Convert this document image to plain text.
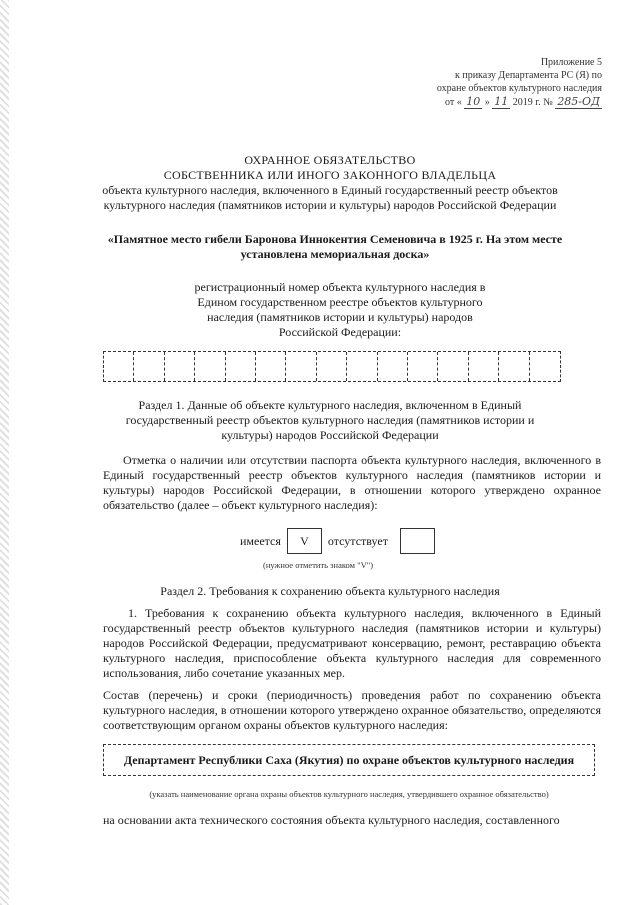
Приложение 5
к приказу Департамента РС (Я) по
охране объектов культурного наследия
от « 10 » 11 2019 г. № 285-ОД
ОХРАННОЕ ОБЯЗАТЕЛЬСТВО
СОБСТВЕННИКА ИЛИ ИНОГО ЗАКОННОГО ВЛАДЕЛЬЦА
объекта культурного наследия, включенного в Единый государственный реестр объектов
культурного наследия (памятников истории и культуры) народов Российской Федерации
«Памятное место гибели Баронова Иннокентия Семеновича в 1925 г. На этом месте установлена мемориальная доска»
регистрационный номер объекта культурного наследия в Едином государственном реестре объектов культурного наследия (памятников истории и культуры) народов Российской Федерации:
Раздел 1. Данные об объекте культурного наследия, включенном в Единый государственный реестр объектов культурного наследия (памятников истории и культуры) народов Российской Федерации
Отметка о наличии или отсутствии паспорта объекта культурного наследия, включенного в Единый государственный реестр объектов культурного наследия (памятников истории и культуры) народов Российской Федерации, в отношении которого утверждено охранное обязательство (далее – объект культурного наследия):
имеется	V	отсутствует
(нужное отметить знаком "V")
Раздел 2. Требования к сохранению объекта культурного наследия
1. Требования к сохранению объекта культурного наследия, включенного в Единый государственный реестр объектов культурного наследия (памятников истории и культуры) народов Российской Федерации, предусматривают консервацию, ремонт, реставрацию объекта культурного наследия, приспособление объекта культурного наследия для современного использования, либо сочетание указанных мер.
Состав (перечень) и сроки (периодичность) проведения работ по сохранению объекта культурного наследия, в отношении которого утверждено охранное обязательство, определяются соответствующим органом охраны объектов культурного наследия:
Департамент Республики Саха (Якутия) по охране объектов культурного наследия
(указать наименование органа охраны объектов культурного наследия, утвердившего охранное обязательство)
на основании акта технического состояния объекта культурного наследия, составленного
